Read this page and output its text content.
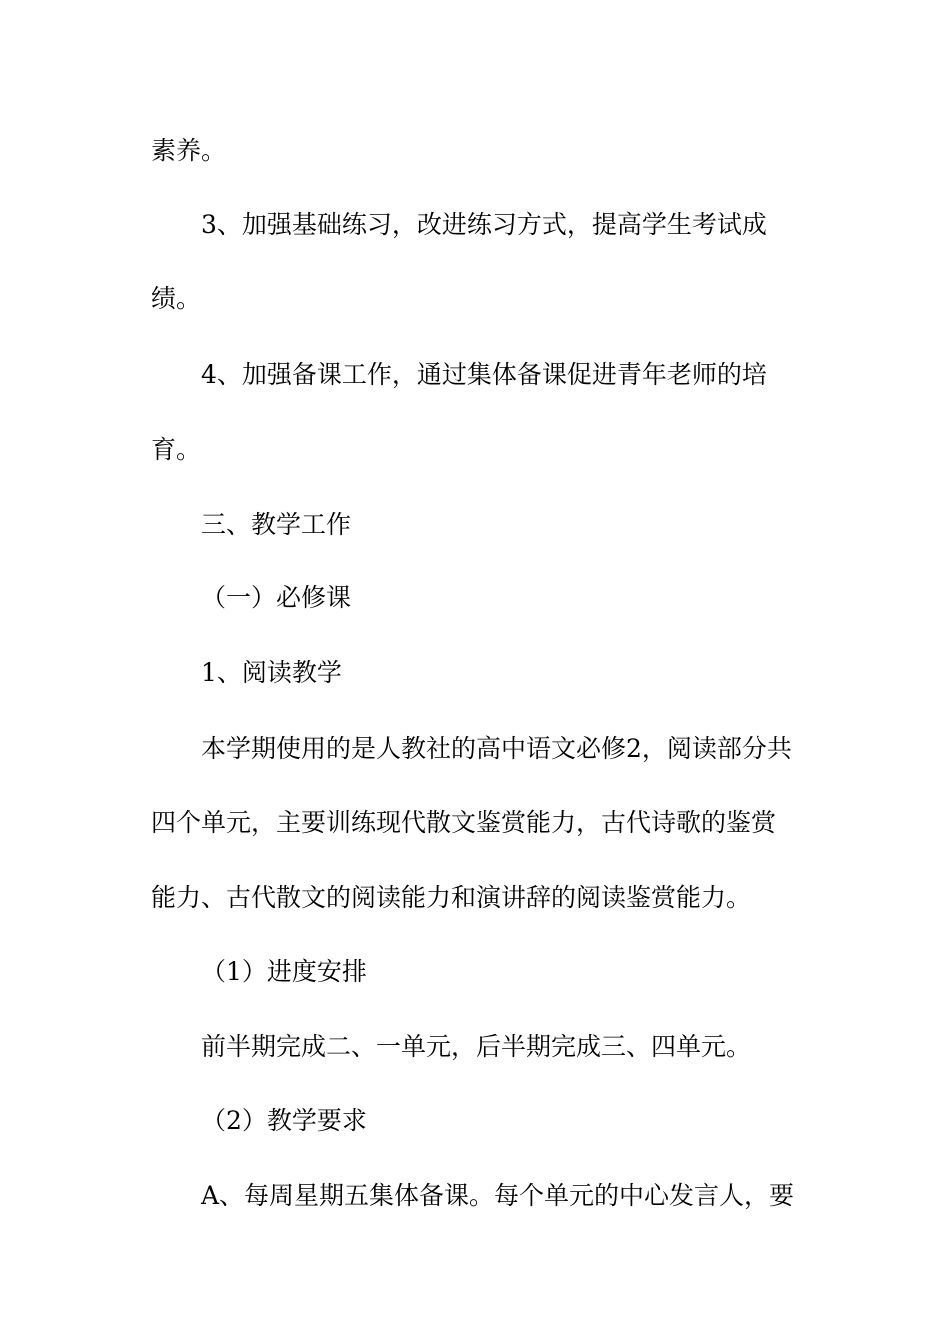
素养。
3、加强基础练习，改进练习方式，提高学生考试成
绩。
4、加强备课工作，通过集体备课促进青年老师的培
育。
三、教学工作
（一）必修课
1、阅读教学
本学期使用的是人教社的高中语文必修2，阅读部分共
四个单元，主要训练现代散文鉴赏能力，古代诗歌的鉴赏
能力、古代散文的阅读能力和演讲辞的阅读鉴赏能力。
（1）进度安排
前半期完成二、一单元，后半期完成三、四单元。
（2）教学要求
A、每周星期五集体备课。每个单元的中心发言人，要
